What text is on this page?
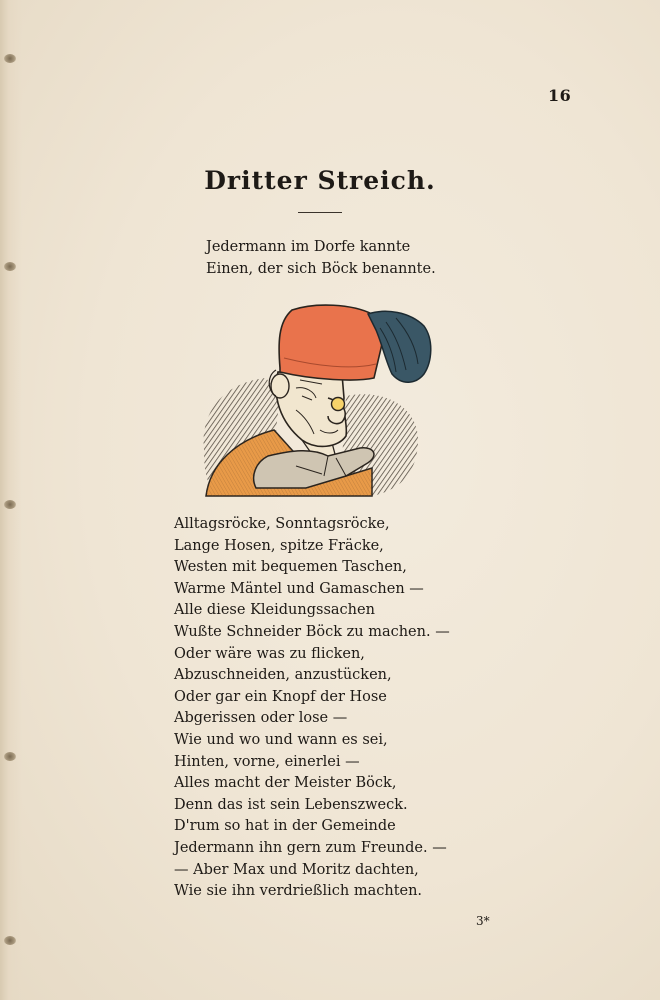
16
Dritter Streich.
Jedermann im Dorfe kannte
Einen, der sich Böck benannte.
Alltagsröcke, Sonntagsröcke,
Lange Hosen, spitze Fräcke,
Westen mit bequemen Taschen,
Warme Mäntel und Gamaschen —
Alle diese Kleidungssachen
Wußte Schneider Böck zu machen. —
Oder wäre was zu flicken,
Abzuschneiden, anzustücken,
Oder gar ein Knopf der Hose
Abgerissen oder lose —
Wie und wo und wann es sei,
Hinten, vorne, einerlei —
Alles macht der Meister Böck,
Denn das ist sein Lebenszweck.
D'rum so hat in der Gemeinde
Jedermann ihn gern zum Freunde. —
— Aber Max und Moritz dachten,
Wie sie ihn verdrießlich machten.
3*
